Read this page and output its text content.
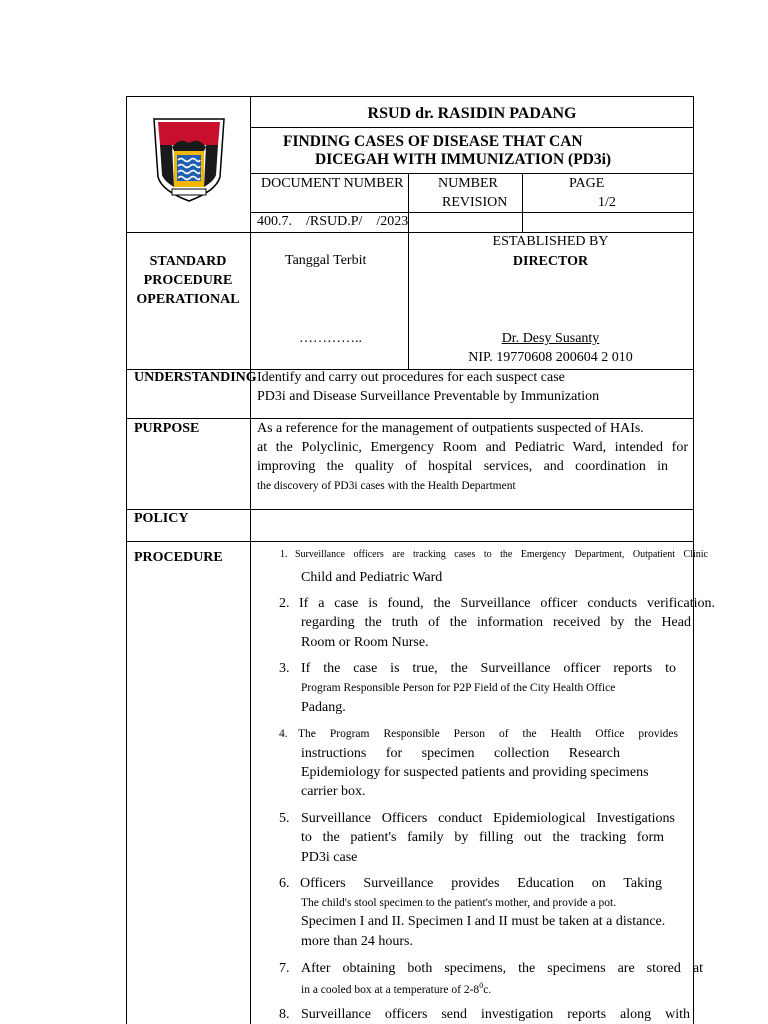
RSUD dr. RASIDIN PADANG
FINDING CASES OF DISEASE THAT CAN
DICEGAH WITH IMMUNIZATION (PD3i)
DOCUMENT NUMBER NUMBER
REVISION
PAGE
1/2
400.7.    /RSUD.P/    /2023
STANDARD
PROCEDURE
OPERATIONAL
Tanggal Terbit
…………..
ESTABLISHED BY
DIRECTOR
Dr. Desy Susanty
NIP. 19770608 200604 2 010
UNDERSTANDING Identify and carry out procedures for each suspect case
PD3i and Disease Surveillance Preventable by Immunization
PURPOSE	As a reference for the management of outpatients suspected of HAIs.
at the Polyclinic, Emergency Room and Pediatric Ward, intended for
improving the quality of hospital services, and coordination in
the discovery of PD3i cases with the Health Department
POLICY
PROCEDURE	1. Surveillance officers are tracking cases to the Emergency Department, Outpatient Clinic
Child and Pediatric Ward
2. If a case is found, the Surveillance officer conducts verification.
regarding the truth of the information received by the Head
Room or Room Nurse.
3. If the case is true, the Surveillance officer reports to
Program Responsible Person for P2P Field of the City Health Office
Padang.
4. The Program Responsible Person of the Health Office provides
instructions for specimen collection Research
Epidemiology for suspected patients and providing specimens
carrier box.
5. Surveillance Officers conduct Epidemiological Investigations
to the patient's family by filling out the tracking form
PD3i case
6. Officers Surveillance provides Education on Taking
The child's stool specimen to the patient's mother, and provide a pot.
Specimen I and II. Specimen I and II must be taken at a distance.
more than 24 hours.
7. After obtaining both specimens, the specimens are stored at
in a cooled box at a temperature of $2-8^0c$.
8. Surveillance officers send investigation reports along with
